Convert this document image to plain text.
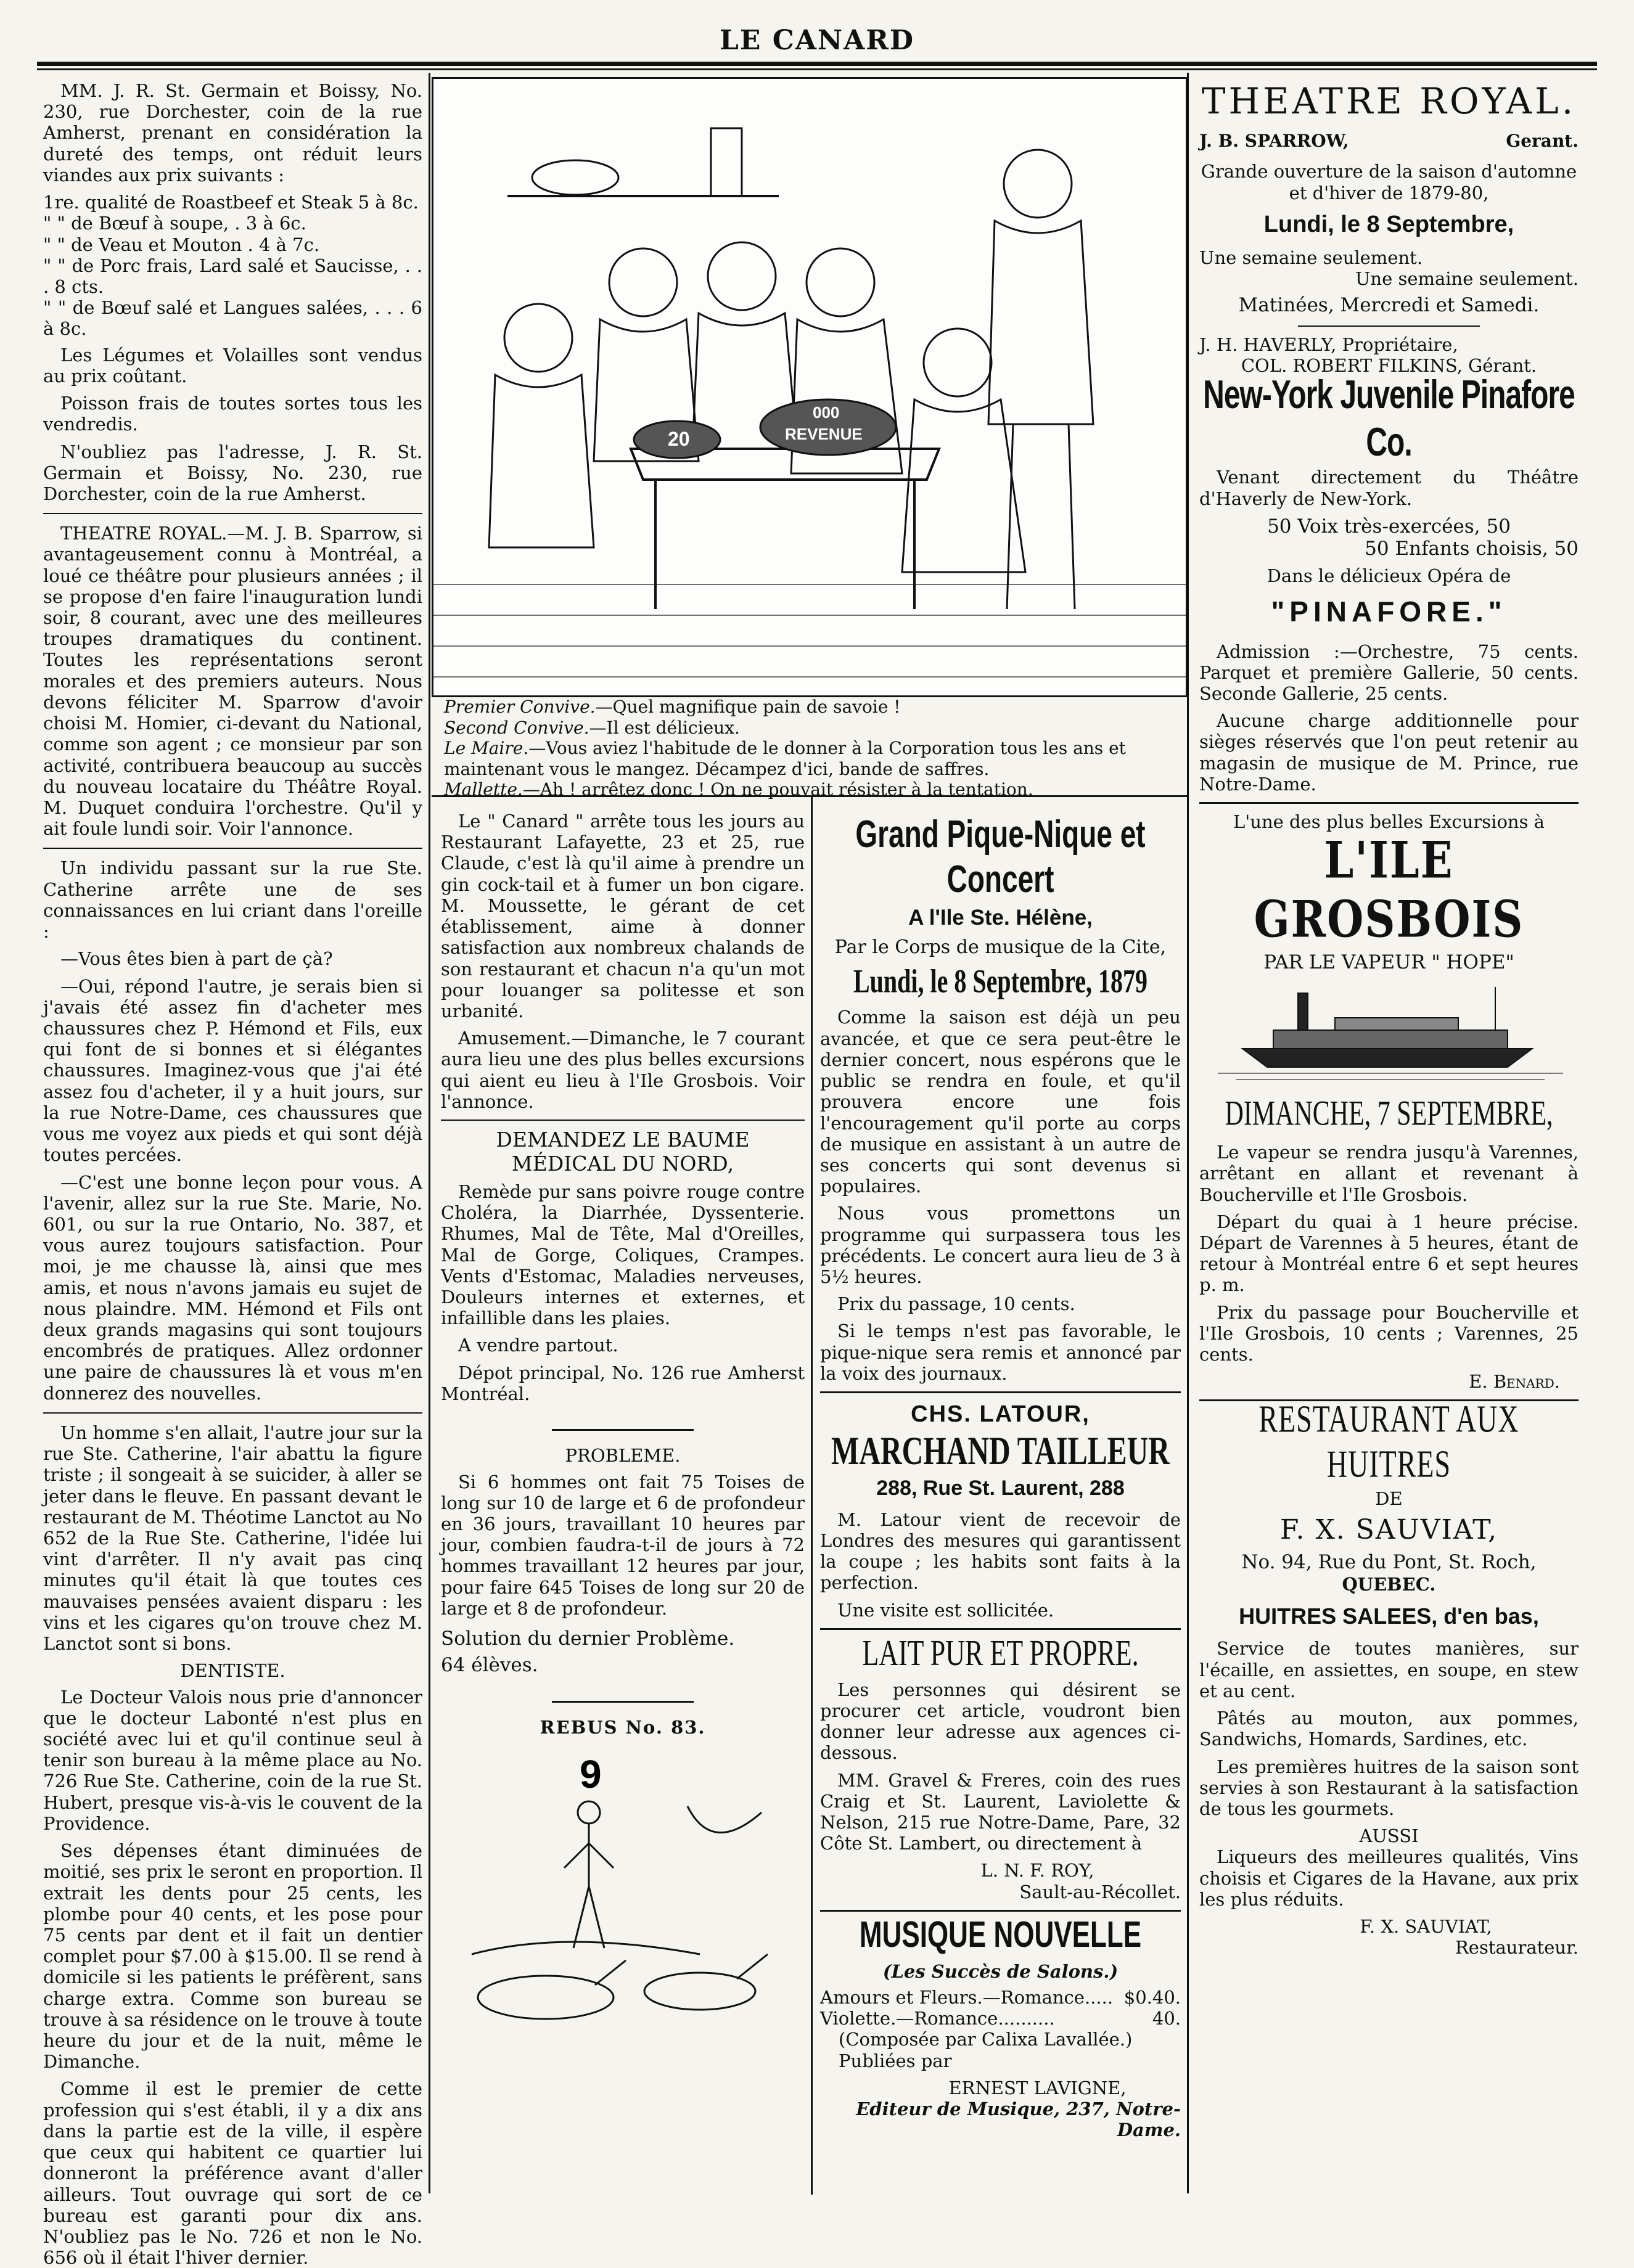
LE CANARD

MM. J. R. St. Germain et Boissy, No. 230, rue Dorchester, coin de la rue Amherst, prenant en considération la dureté des temps, ont réduit leurs viandes aux prix suivants :

1re. qualité de Roastbeef et Steak 5 à 8c.
" " de Bœuf à soupe, . 3 à 6c.
" " de Veau et Mouton . 4 à 7c.
" " de Porc frais, Lard salé et Saucisse, . . . 8 cts.
" " de Bœuf salé et Langues salées, . . . 6 à 8c.

Les Légumes et Volailles sont vendus au prix coûtant.

Poisson frais de toutes sortes tous les vendredis.

N'oubliez pas l'adresse, J. R. St. Germain et Boissy, No. 230, rue Dorchester, coin de la rue Amherst.

THEATRE ROYAL.—M. J. B. Sparrow, si avantageusement connu à Montréal, a loué ce théâtre pour plusieurs années ; il se propose d'en faire l'inauguration lundi soir, 8 courant, avec une des meilleures troupes dramatiques du continent. Toutes les représentations seront morales et des premiers auteurs. Nous devons féliciter M. Sparrow d'avoir choisi M. Homier, ci-devant du National, comme son agent ; ce monsieur par son activité, contribuera beaucoup au succès du nouveau locataire du Théâtre Royal. M. Duquet conduira l'orchestre. Qu'il y ait foule lundi soir. Voir l'annonce.

Un individu passant sur la rue Ste. Catherine arrête une de ses connaissances en lui criant dans l'oreille :

—Vous êtes bien à part de çà?

—Oui, répond l'autre, je serais bien si j'avais été assez fin d'acheter mes chaussures chez P. Hémond et Fils, eux qui font de si bonnes et si élégantes chaussures. Imaginez-vous que j'ai été assez fou d'acheter, il y a huit jours, sur la rue Notre-Dame, ces chaussures que vous me voyez aux pieds et qui sont déjà toutes percées.

—C'est une bonne leçon pour vous. A l'avenir, allez sur la rue Ste. Marie, No. 601, ou sur la rue Ontario, No. 387, et vous aurez toujours satisfaction. Pour moi, je me chausse là, ainsi que mes amis, et nous n'avons jamais eu sujet de nous plaindre. MM. Hémond et Fils ont deux grands magasins qui sont toujours encombrés de pratiques. Allez ordonner une paire de chaussures là et vous m'en donnerez des nouvelles.

Un homme s'en allait, l'autre jour sur la rue Ste. Catherine, l'air abattu la figure triste ; il songeait à se suicider, à aller se jeter dans le fleuve. En passant devant le restaurant de M. Théotime Lanctot au No 652 de la Rue Ste. Catherine, l'idée lui vint d'arrêter. Il n'y avait pas cinq minutes qu'il était là que toutes ces mauvaises pensées avaient disparu : les vins et les cigares qu'on trouve chez M. Lanctot sont si bons.

DENTISTE.

Le Docteur Valois nous prie d'annoncer que le docteur Labonté n'est plus en société avec lui et qu'il continue seul à tenir son bureau à la même place au No. 726 Rue Ste. Catherine, coin de la rue St. Hubert, presque vis-à-vis le couvent de la Providence.

Ses dépenses étant diminuées de moitié, ses prix le seront en proportion. Il extrait les dents pour 25 cents, les plombe pour 40 cents, et les pose pour 75 cents par dent et il fait un dentier complet pour $7.00 à $15.00. Il se rend à domicile si les patients le préfèrent, sans charge extra. Comme son bureau se trouve à sa résidence on le trouve à toute heure du jour et de la nuit, même le Dimanche.

Comme il est le premier de cette profession qui s'est établi, il y a dix ans dans la partie est de la ville, il espère que ceux qui habitent ce quartier lui donneront la préférence avant d'aller ailleurs. Tout ouvrage qui sort de ce bureau est garanti pour dix ans. N'oubliez pas le No. 726 et non le No. 656 où il était l'hiver dernier.

20
000
REVENUE

Premier Convive.—Quel magnifique pain de savoie !

Second Convive.—Il est délicieux.

Le Maire.—Vous aviez l'habitude de le donner à la Corporation tous les ans et maintenant vous le mangez. Décampez d'ici, bande de saffres.

Mallette.—Ah ! arrêtez donc ! On ne pouvait résister à la tentation.

Le " Canard " arrête tous les jours au Restaurant Lafayette, 23 et 25, rue Claude, c'est là qu'il aime à prendre un gin cock-tail et à fumer un bon cigare. M. Moussette, le gérant de cet établissement, aime à donner satisfaction aux nombreux chalands de son restaurant et chacun n'a qu'un mot pour louanger sa politesse et son urbanité.

Amusement.—Dimanche, le 7 courant aura lieu une des plus belles excursions qui aient eu lieu à l'Ile Grosbois. Voir l'annonce.

DEMANDEZ LE BAUME MÉDICAL DU NORD,

Remède pur sans poivre rouge contre Choléra, la Diarrhée, Dyssenterie. Rhumes, Mal de Tête, Mal d'Oreilles, Mal de Gorge, Coliques, Crampes. Vents d'Estomac, Maladies nerveuses, Douleurs internes et externes, et infaillible dans les plaies.

A vendre partout.

Dépot principal, No. 126 rue Amherst Montréal.

PROBLEME.

Si 6 hommes ont fait 75 Toises de long sur 10 de large et 6 de profondeur en 36 jours, travaillant 10 heures par jour, combien faudra-t-il de jours à 72 hommes travaillant 12 heures par jour, pour faire 645 Toises de long sur 20 de large et 8 de profondeur.

Solution du dernier Problème.
64 élèves.
REBUS No. 83.
9
Grand Pique-Nique et Concert
A l'Ile Ste. Hélène,
Par le Corps de musique de la Cite,
Lundi, le 8 Septembre, 1879

Comme la saison est déjà un peu avancée, et que ce sera peut-être le dernier concert, nous espérons que le public se rendra en foule, et qu'il prouvera encore une fois l'encouragement qu'il porte au corps de musique en assistant à un autre de ses concerts qui sont devenus si populaires.

Nous vous promettons un programme qui surpassera tous les précédents. Le concert aura lieu de 3 à 5½ heures.

Prix du passage, 10 cents.

Si le temps n'est pas favorable, le pique-nique sera remis et annoncé par la voix des journaux.

CHS. LATOUR,
MARCHAND TAILLEUR
288, Rue St. Laurent, 288

M. Latour vient de recevoir de Londres des mesures qui garantissent la coupe ; les habits sont faits à la perfection.

Une visite est sollicitée.

LAIT PUR ET PROPRE.

Les personnes qui désirent se procurer cet article, voudront bien donner leur adresse aux agences ci-dessous.

MM. Gravel & Freres, coin des rues Craig et St. Laurent, Laviolette & Nelson, 215 rue Notre-Dame, Pare, 32 Côte St. Lambert, ou directement à

L. N. F. ROY,
Sault-au-Récollet.
MUSIQUE NOUVELLE
(Les Succès de Salons.)
Amours et Fleurs.—Romance..... $0.40.
Violette.—Romance..........	40.
(Composée par Calixa Lavallée.)
Publiées par
ERNEST LAVIGNE,
Editeur de Musique, 237, Notre-Dame.
THEATRE ROYAL.
J. B. SPARROW,	Gerant.
Grande ouverture de la saison d'automne et d'hiver de 1879-80,
Lundi, le 8 Septembre,
Une semaine seulement.
Une semaine seulement.
Matinées, Mercredi et Samedi.
J. H. HAVERLY, Propriétaire,
COL. ROBERT FILKINS, Gérant.
New-York Juvenile Pinafore Co.

Venant directement du Théâtre d'Haverly de New-York.

50 Voix très-exercées, 50
50 Enfants choisis, 50
Dans le délicieux Opéra de
"PINAFORE."

Admission :—Orchestre, 75 cents. Parquet et première Gallerie, 50 cents. Seconde Gallerie, 25 cents.

Aucune charge additionnelle pour sièges réservés que l'on peut retenir au magasin de musique de M. Prince, rue Notre-Dame.

L'une des plus belles Excursions à
L'ILE GROSBOIS
PAR LE VAPEUR " HOPE"
DIMANCHE, 7 SEPTEMBRE,

Le vapeur se rendra jusqu'à Varennes, arrêtant en allant et revenant à Boucherville et l'Ile Grosbois.

Départ du quai à 1 heure précise. Départ de Varennes à 5 heures, étant de retour à Montréal entre 6 et sept heures p. m.

Prix du passage pour Boucherville et l'Ile Grosbois, 10 cents ; Varennes, 25 cents.

E. Benard.
RESTAURANT AUX HUITRES
DE
F. X. SAUVIAT,
No. 94, Rue du Pont, St. Roch,
QUEBEC.
HUITRES SALEES, d'en bas,

Service de toutes manières, sur l'écaille, en assiettes, en soupe, en stew et au cent.

Pâtés au mouton, aux pommes, Sandwichs, Homards, Sardines, etc.

Les premières huitres de la saison sont servies à son Restaurant à la satisfaction de tous les gourmets.

AUSSI

Liqueurs des meilleures qualités, Vins choisis et Cigares de la Havane, aux prix les plus réduits.

F. X. SAUVIAT,
Restaurateur.
